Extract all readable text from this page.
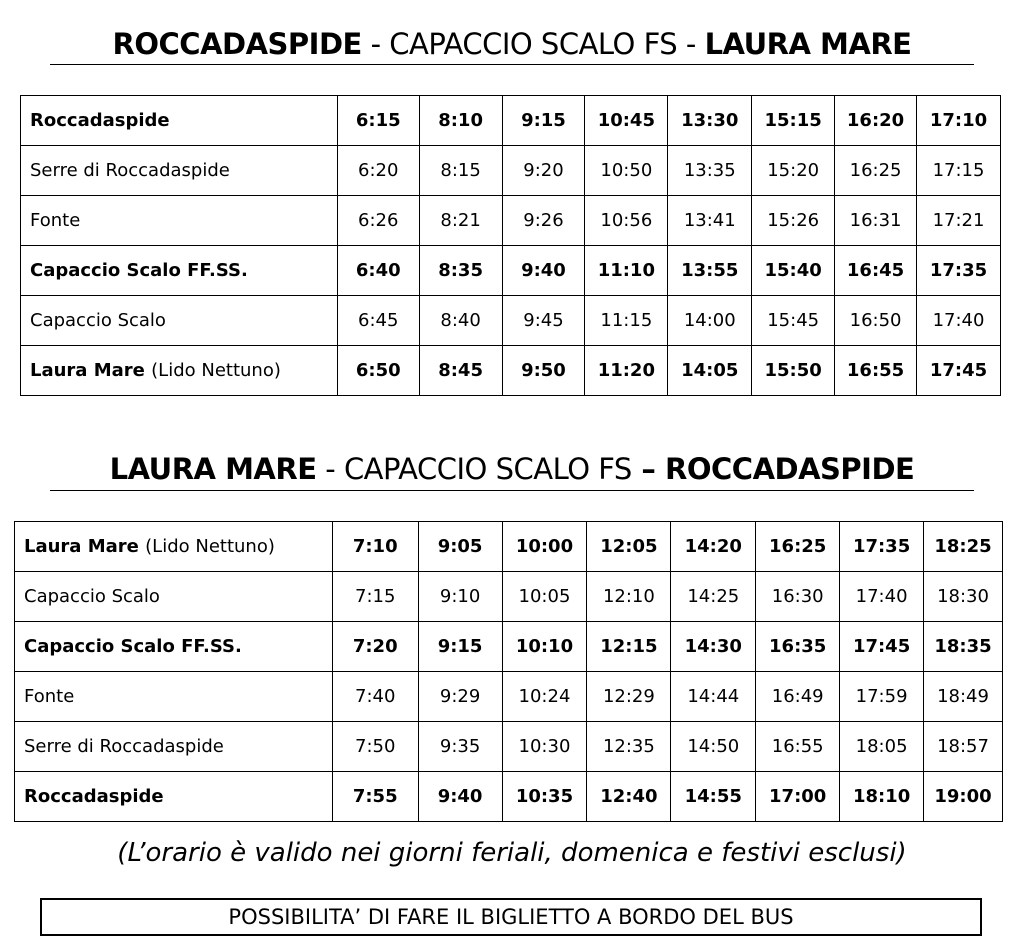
ROCCADASPIDE - CAPACCIO SCALO FS - LAURA MARE
Roccadaspide	6:15	8:10	9:15	10:45	13:30	15:15	16:20	17:10
Serre di Roccadaspide	6:20	8:15	9:20	10:50	13:35	15:20	16:25	17:15
Fonte	6:26	8:21	9:26	10:56	13:41	15:26	16:31	17:21
Capaccio Scalo FF.SS.	6:40	8:35	9:40	11:10	13:55	15:40	16:45	17:35
Capaccio Scalo	6:45	8:40	9:45	11:15	14:00	15:45	16:50	17:40
Laura Mare (Lido Nettuno)	6:50	8:45	9:50	11:20	14:05	15:50	16:55	17:45
LAURA MARE - CAPACCIO SCALO FS – ROCCADASPIDE
Laura Mare (Lido Nettuno)	7:10	9:05	10:00	12:05	14:20	16:25	17:35	18:25
Capaccio Scalo	7:15	9:10	10:05	12:10	14:25	16:30	17:40	18:30
Capaccio Scalo FF.SS.	7:20	9:15	10:10	12:15	14:30	16:35	17:45	18:35
Fonte	7:40	9:29	10:24	12:29	14:44	16:49	17:59	18:49
Serre di Roccadaspide	7:50	9:35	10:30	12:35	14:50	16:55	18:05	18:57
Roccadaspide	7:55	9:40	10:35	12:40	14:55	17:00	18:10	19:00
(L’orario è valido nei giorni feriali, domenica e festivi esclusi)
POSSIBILITA’ DI FARE IL BIGLIETTO A BORDO DEL BUS
